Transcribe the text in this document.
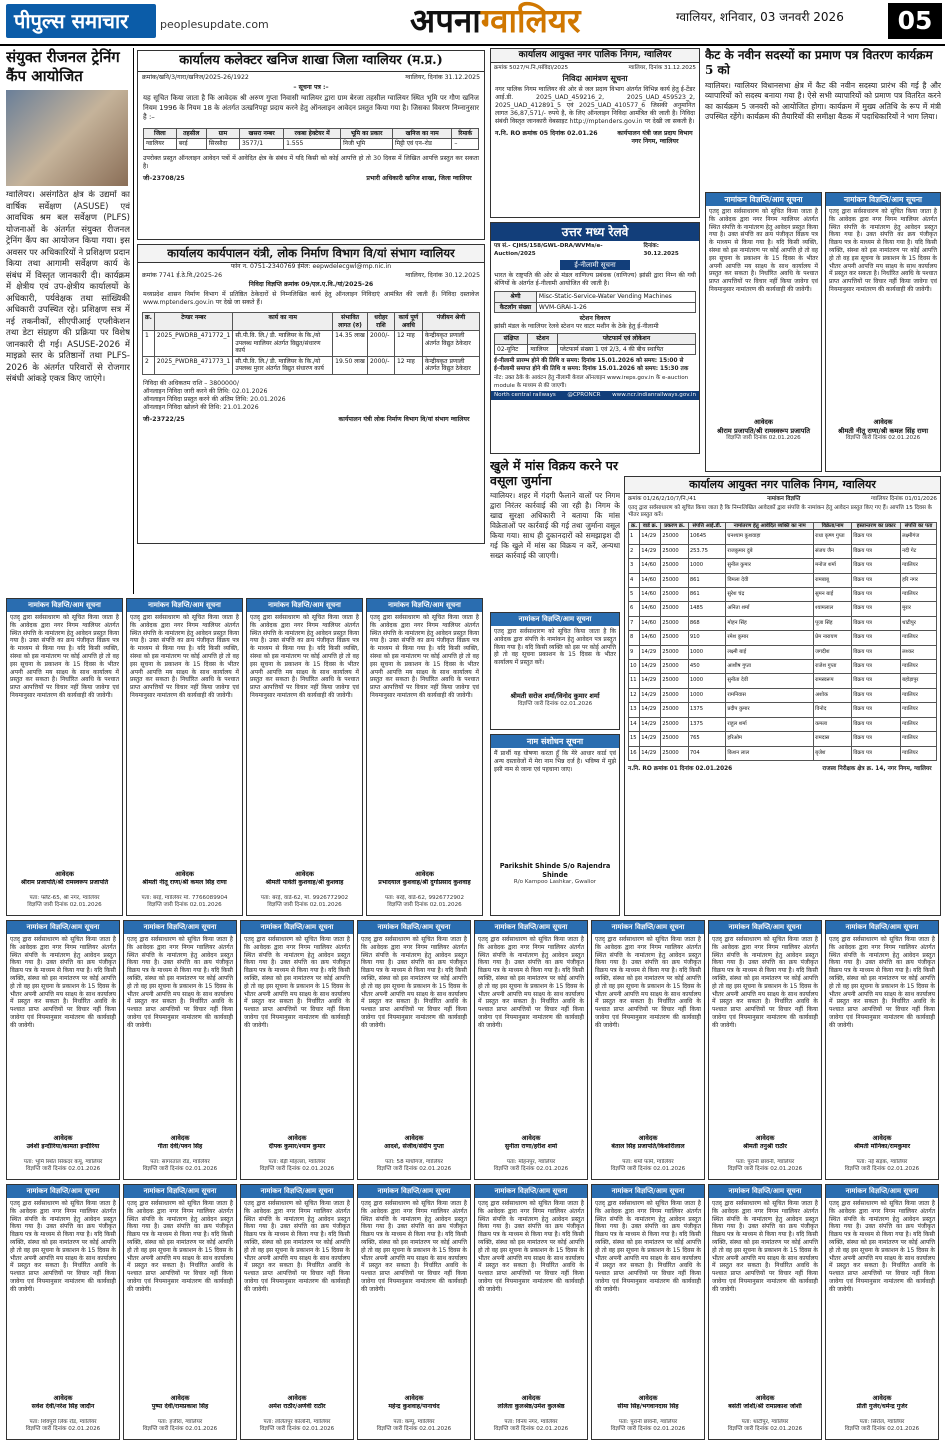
पीपुल्स समाचार	peoplesupdate.com	अपनाग्वालियर	ग्वालियर, शनिवार, 03 जनवरी 2026	05
संयुक्त रीजनल ट्रेनिंग कैंप आयोजित
ग्वालियर। असंगठित क्षेत्र के उद्यमों का वार्षिक सर्वेक्षण (ASUSE) एवं आवधिक श्रम बल सर्वेक्षण (PLFS) योजनाओं के अंतर्गत संयुक्त रीजनल ट्रेनिंग कैंप का आयोजन किया गया। इस अवसर पर अधिकारियों ने प्रशिक्षण प्रदान किया तथा आगामी सर्वेक्षण कार्य के संबंध में विस्तृत जानकारी दी। कार्यक्रम में क्षेत्रीय एवं उप-क्षेत्रीय कार्यालयों के अधिकारी, पर्यवेक्षक तथा सांख्यिकी अधिकारी उपस्थित रहे। प्रशिक्षण सत्र में नई तकनीकों, सीएपीआई एप्लीकेशन तथा डेटा संग्रहण की प्रक्रिया पर विशेष जानकारी दी गई। ASUSE-2026 में माइक्रो स्तर के प्रतिष्ठानों तथा PLFS-2026 के अंतर्गत परिवारों से रोजगार संबंधी आंकड़े एकत्र किए जाएंगे।
कार्यालय कलेक्टर खनिज शाखा जिला ग्वालियर (म.प्र.)
क्रमांक/खनि/3/गारा/खनिज/2025-26/1922	ग्वालियर, दिनांक 31.12.2025
– सूचना पत्र :–
यह सूचित किया जाता है कि आवेदक श्री अरुण गुप्ता निवासी ग्वालियर द्वारा ग्राम बेरजा तहसील ग्वालियर स्थित भूमि पर गौण खनिज नियम 1996 के नियम 18 के अंतर्गत उत्खनिपट्टा प्रदाय करने हेतु ऑनलाइन आवेदन प्रस्तुत किया गया है। जिसका विवरण निम्नानुसार है :–
जिला	तहसील	ग्राम	खसरा नम्बर	रकबा हेक्टेयर में	भूमि का प्रकार	खनिज का नाम	रिमार्क
ग्वालियर	बरई	सिरसौदा	3577/1	1.555	निजी भूमि	मिट्टी एवं एन–रोड	–
उपरोक्त प्रस्तुत ऑनलाइन आवेदन पत्रों में आवेदित क्षेत्र के संबंध में यदि किसी को कोई आपत्ति हो तो 30 दिवस में लिखित आपत्ति प्रस्तुत कर सकता है।
जी–23708/25	प्रभारी अधिकारी खनिज शाखा, जिला ग्वालियर
कार्यालय कार्यपालन यंत्री, लोक निर्माण विभाग वि/यां संभाग ग्वालियर
फोन न. 0751-2340769 ईमेल: eepwdelecgwl@mp.nic.in
क्रमांक 7741 ई.ठे.वि./2025-26	ग्वालियर, दिनांक 30.12.2025
निविदा विज्ञप्ति क्रमांक 09/एल.ए.वि./यां/2025-26
मध्यप्रदेश शासन निर्माण विभाग में प्रतिष्ठित ठेकेदारों से निम्नलिखित कार्य हेतु ऑनलाइन निविदाएं आमंत्रित की जाती हैं। निविदा दस्तावेज www.mptenders.gov.in पर देखे जा सकते हैं।
क्र.	टेण्डर नम्बर	कार्य का नाम	संभावित लागत (रु)	धरोहर राशि	कार्य पूर्ण अवधि	पंजीयन श्रेणी
1	2025_PWDRB_471772_1	सी.पी.वि. लि./ डी. ग्वालियर के कि./यो उपलब्ध ग्वालियर अंतर्गत विद्युत/संधारण कार्य	14.35 लाख	2000/-	12 माह	केन्द्रीयकृत प्रणाली अंतर्गत विद्युत ठेकेदार
2	2025_PWDRB_471773_1	सी.पी.वि. लि./ डी. ग्वालियर के कि./यो उपलब्ध मुरार अंतर्गत विद्युत संधारण कार्य	19.50 लाख	2000/-	12 माह	केन्द्रीयकृत प्रणाली अंतर्गत विद्युत ठेकेदार
निविदा की अधिकतम राशि – 3800000/
ऑनलाइन निविदा जारी करने की तिथि: 02.01.2026
ऑनलाइन निविदा प्रस्तुत करने की अंतिम तिथि: 20.01.2026
ऑनलाइन निविदा खोलने की तिथि: 21.01.2026
जी–23722/25	कार्यपालन यंत्री लोक निर्माण विभाग वि/यां संभाग ग्वालियर
कार्यालय आयुक्त नगर पालिक निगम, ग्वालियर
क्रमांक 5027/भ.नि./संविदा/2025	ग्वालियर, दिनांक 31.12.2025
निविदा आमंत्रण सूचना
नगर पालिक निगम ग्वालियर की ओर से जल प्रदाय विभाग अंतर्गत विभिन्न कार्य हेतु ई-टेंडर आई.डी. 2025_UAD_459216_2, 2025_UAD_459523_2, 2025_UAD_412891_5 एवं 2025_UAD_410577_6 जिसकी अनुमानित लागत 36,87,571/- रुपये है, के लिए ऑनलाइन निविदा आमंत्रित की जाती है। निविदा संबंधी विस्तृत जानकारी वेबसाइट http://mptenders.gov.in पर देखी जा सकती है।
न.नि. RO क्रमांक 05 दिनांक 02.01.26	कार्यपालन यंत्री जल प्रदाय विभाग नगर निगम, ग्वालियर
उत्तर मध्य रेलवे
पत्र सं.- CJHS/158/GWL-DRA/WVMs/e-Auction/2025
दिनांक: 30.12.2025
ई-नीलामी सूचना
भारत के राष्ट्रपति की ओर से मंडल वाणिज्य प्रबंधक (वाणिज्य) झांसी द्वारा निम्न की गयी श्रेणियों के अंतर्गत ई-नीलामी आयोजित की जाती है।
श्रेणी	Misc-Static-Service-Water Vending Machines
कैटलॉग संख्या	WVM-GRAI-1-26
स्टेशन विवरण
झांसी मंडल के ग्वालियर रेलवे स्टेशन पर वाटर मशीन के ठेके हेतु ई-नीलामी
संक्षिप्त	स्टेशन	प्लेटफार्म एवं लोकेशन
02-यूनिट	ग्वालियर	प्लेटफार्म संख्या 1 एवं 2/3, 4 की बीच स्थापित
ई-नीलामी प्रारम्भ होने की तिथि व समय: दिनांक 15.01.2026 को समय: 15:00 से
ई-नीलामी समाप्त होने की तिथि व समय: दिनांक 15.01.2026 को समय: 15:30 तक
नोट: उक्त ठेके के आवंटन हेतु नीलामी केवल ऑनलाइन www.ireps.gov.in के e-auction module के माध्यम से की जाएगी।
North central railways @CPRONCR www.ncr.indianrailways.gov.in
कैट के नवीन सदस्यों का प्रमाण पत्र वितरण कार्यक्रम 5 को
ग्वालियर। ग्वालियर विधानसभा क्षेत्र में कैट की नवीन सदस्या प्रारंभ की गई है और व्यापारियों को सदस्य बनाया गया है। ऐसे सभी व्यापारियों को प्रमाण पत्र वितरित करने का कार्यक्रम 5 जनवरी को आयोजित होगा। कार्यक्रम में मुख्य अतिथि के रूप में मंत्री उपस्थित रहेंगे। कार्यक्रम की तैयारियों की समीक्षा बैठक में पदाधिकारियों ने भाग लिया।
नामांकन विज्ञप्ति/आम सूचना
एतद् द्वारा सर्वसाधारण को सूचित किया जाता है कि आवेदक द्वारा नगर निगम ग्वालियर अंतर्गत स्थित संपत्ति के नामांतरण हेतु आवेदन प्रस्तुत किया गया है। उक्त संपत्ति का क्रय पंजीकृत विक्रय पत्र के माध्यम से किया गया है। यदि किसी व्यक्ति, संस्था को इस नामांतरण पर कोई आपत्ति हो तो वह इस सूचना के प्रकाशन के 15 दिवस के भीतर अपनी आपत्ति मय साक्ष्य के साथ कार्यालय में प्रस्तुत कर सकता है। निर्धारित अवधि के पश्चात प्राप्त आपत्तियों पर विचार नहीं किया जावेगा एवं नियमानुसार नामांतरण की कार्यवाही की जावेगी।
आवेदक
श्रीराम प्रजापति/श्री रामस्वरूप प्रजापति
विज्ञप्ति जारी दिनांक 02.01.2026
नामांकन विज्ञप्ति/आम सूचना
एतद् द्वारा सर्वसाधारण को सूचित किया जाता है कि आवेदक द्वारा नगर निगम ग्वालियर अंतर्गत स्थित संपत्ति के नामांतरण हेतु आवेदन प्रस्तुत किया गया है। उक्त संपत्ति का क्रय पंजीकृत विक्रय पत्र के माध्यम से किया गया है। यदि किसी व्यक्ति, संस्था को इस नामांतरण पर कोई आपत्ति हो तो वह इस सूचना के प्रकाशन के 15 दिवस के भीतर अपनी आपत्ति मय साक्ष्य के साथ कार्यालय में प्रस्तुत कर सकता है। निर्धारित अवधि के पश्चात प्राप्त आपत्तियों पर विचार नहीं किया जावेगा एवं नियमानुसार नामांतरण की कार्यवाही की जावेगी।
आवेदक
श्रीमती नीतू राणा/श्री कमल सिंह राणा
विज्ञप्ति जारी दिनांक 02.01.2026
खुले में मांस विक्रय करने पर वसूला जुर्माना
ग्वालियर। शहर में गंदगी फैलाने वालों पर निगम द्वारा निरंतर कार्रवाई की जा रही है। निगम के खाद्य सुरक्षा अधिकारी ने बताया कि मांस विक्रेताओं पर कार्रवाई की गई तथा जुर्माना वसूल किया गया। साथ ही दुकानदारों को समझाइश दी गई कि खुले में मांस का विक्रय न करें, अन्यथा सख्त कार्रवाई की जाएगी।
नामांकन विज्ञप्ति/आम सूचना
एतद् द्वारा सर्वसाधारण को सूचित किया जाता है कि आवेदक द्वारा संपत्ति के नामांकन हेतु आवेदन पत्र प्रस्तुत किया गया है। यदि किसी व्यक्ति को इस पर कोई आपत्ति हो तो वह सूचना प्रकाशन के 15 दिवस के भीतर कार्यालय में प्रस्तुत करें।
श्रीमती सरोज शर्मा/विनोद कुमार शर्मा
विज्ञप्ति जारी दिनांक 02.01.2026
नाम संशोधन सूचना
मैं प्रार्थी यह घोषणा करता हूँ कि मेरे आधार कार्ड एवं अन्य दस्तावेजों में मेरा नाम भिन्न दर्ज है। भविष्य में मुझे इसी नाम से जाना एवं पहचाना जाए।
Parikshit Shinde S/o Rajendra Shinde
R/o Kampoo Lashkar, Gwalior
कार्यालय आयुक्त नगर पालिक निगम, ग्वालियर
क्रमांक 01/26/2/10/7/नि./41	नामांकन विज्ञप्ति	ग्वालियर दिनांक 01/01/2026
एतद् द्वारा सर्वसाधारण को सूचित किया जाता है कि निम्नलिखित आवेदकों द्वारा संपत्ति के नामांकन हेतु आवेदन प्रस्तुत किए गए हैं। आपत्ति 15 दिवस के भीतर प्रस्तुत करें।
क्र.	वार्ड क्र.	प्रकरण क्र.	संपत्ति आई.डी.	नामांतरण हेतु आवेदित व्यक्ति का नाम	विक्रेता/नाम	हस्तान्तरण का प्रकार	संपत्ति का पता
1	14/29	25000	10645	घनश्याम कुशवाहा	राधा कृष्ण गुप्ता	विक्रय पत्र	लक्ष्मीगंज
2	14/29	25000	253.75	राजकुमार दुबे	संजय जैन	विक्रय पत्र	नदी गेट
3	14/60	25000	1000	सुनील कुमार	मनोज शर्मा	विक्रय पत्र	ग्वालियर
4	14/60	25000	861	विमला देवी	रामबाबू	विक्रय पत्र	हरि नगर
5	14/60	25000	861	सुरेश चंद्र	सुमन बाई	विक्रय पत्र	ग्वालियर
6	14/60	25000	1485	अनिता शर्मा	श्यामलाल	विक्रय पत्र	मुरार
7	14/60	25000	868	मोहन सिंह	पूजा सिंह	विक्रय पत्र	थाटीपुर
8	14/60	25000	910	रमेश कुमार	प्रेम नारायण	विक्रय पत्र	ग्वालियर
9	14/29	25000	1000	लक्ष्मी बाई	जगदीश	विक्रय पत्र	लश्कर
10	14/29	25000	450	आशीष गुप्ता	राजेश गुप्ता	विक्रय पत्र	ग्वालियर
11	14/29	25000	1000	सुनीता देवी	रामस्वरूप	विक्रय पत्र	बहोड़ापुर
12	14/29	25000	1000	रामनिवास	अशोक	विक्रय पत्र	ग्वालियर
13	14/29	25000	1375	प्रदीप कुमार	विनोद	विक्रय पत्र	ग्वालियर
14	14/29	25000	1375	राहुल शर्मा	कमला	विक्रय पत्र	ग्वालियर
15	14/29	25000	765	हरिओम	रामदास	विक्रय पत्र	ग्वालियर
16	14/29	25000	704	किशन लाल	बृजेश	विक्रय पत्र	ग्वालियर
न.नि. RO क्रमांक 01 दिनांक 02.01.2026	राजस्व निरीक्षक क्षेत्र क्र. 14, नगर निगम, ग्वालियर
नामांकन विज्ञप्ति/आम सूचना
एतद् द्वारा सर्वसाधारण को सूचित किया जाता है कि आवेदक द्वारा नगर निगम ग्वालियर अंतर्गत स्थित संपत्ति के नामांतरण हेतु आवेदन प्रस्तुत किया गया है। उक्त संपत्ति का क्रय पंजीकृत विक्रय पत्र के माध्यम से किया गया है। यदि किसी व्यक्ति, संस्था को इस नामांतरण पर कोई आपत्ति हो तो वह इस सूचना के प्रकाशन के 15 दिवस के भीतर अपनी आपत्ति मय साक्ष्य के साथ कार्यालय में प्रस्तुत कर सकता है। निर्धारित अवधि के पश्चात प्राप्त आपत्तियों पर विचार नहीं किया जावेगा एवं नियमानुसार नामांतरण की कार्यवाही की जावेगी।
आवेदक
श्रीराम प्रजापति/श्री रामस्वरूप प्रजापति
पता: फ्लैट-65, श्री नगर, ग्वालियर
विज्ञप्ति जारी दिनांक 02.01.2026
नामांकन विज्ञप्ति/आम सूचना
एतद् द्वारा सर्वसाधारण को सूचित किया जाता है कि आवेदक द्वारा नगर निगम ग्वालियर अंतर्गत स्थित संपत्ति के नामांतरण हेतु आवेदन प्रस्तुत किया गया है। उक्त संपत्ति का क्रय पंजीकृत विक्रय पत्र के माध्यम से किया गया है। यदि किसी व्यक्ति, संस्था को इस नामांतरण पर कोई आपत्ति हो तो वह इस सूचना के प्रकाशन के 15 दिवस के भीतर अपनी आपत्ति मय साक्ष्य के साथ कार्यालय में प्रस्तुत कर सकता है। निर्धारित अवधि के पश्चात प्राप्त आपत्तियों पर विचार नहीं किया जावेगा एवं नियमानुसार नामांतरण की कार्यवाही की जावेगी।
आवेदक
श्रीमती नीतू राणा/श्री कमल सिंह राणा
पता: बरई, ग्वालियर मो. 7766089904
विज्ञप्ति जारी दिनांक 02.01.2026
नामांकन विज्ञप्ति/आम सूचना
एतद् द्वारा सर्वसाधारण को सूचित किया जाता है कि आवेदक द्वारा नगर निगम ग्वालियर अंतर्गत स्थित संपत्ति के नामांतरण हेतु आवेदन प्रस्तुत किया गया है। उक्त संपत्ति का क्रय पंजीकृत विक्रय पत्र के माध्यम से किया गया है। यदि किसी व्यक्ति, संस्था को इस नामांतरण पर कोई आपत्ति हो तो वह इस सूचना के प्रकाशन के 15 दिवस के भीतर अपनी आपत्ति मय साक्ष्य के साथ कार्यालय में प्रस्तुत कर सकता है। निर्धारित अवधि के पश्चात प्राप्त आपत्तियों पर विचार नहीं किया जावेगा एवं नियमानुसार नामांतरण की कार्यवाही की जावेगी।
आवेदक
श्रीमती पार्वती कुशवाह/श्री कुशवाह
पता: बरई, वार्ड-62, मो. 9926772902
विज्ञप्ति जारी दिनांक 02.01.2026
नामांकन विज्ञप्ति/आम सूचना
एतद् द्वारा सर्वसाधारण को सूचित किया जाता है कि आवेदक द्वारा नगर निगम ग्वालियर अंतर्गत स्थित संपत्ति के नामांतरण हेतु आवेदन प्रस्तुत किया गया है। उक्त संपत्ति का क्रय पंजीकृत विक्रय पत्र के माध्यम से किया गया है। यदि किसी व्यक्ति, संस्था को इस नामांतरण पर कोई आपत्ति हो तो वह इस सूचना के प्रकाशन के 15 दिवस के भीतर अपनी आपत्ति मय साक्ष्य के साथ कार्यालय में प्रस्तुत कर सकता है। निर्धारित अवधि के पश्चात प्राप्त आपत्तियों पर विचार नहीं किया जावेगा एवं नियमानुसार नामांतरण की कार्यवाही की जावेगी।
आवेदक
प्रभादयाल कुशवाह/श्री दुर्गाप्रसाद कुशवाह
पता: बरई, वार्ड-62, 9926772902
विज्ञप्ति जारी दिनांक 02.01.2026
नामांकन विज्ञप्ति/आम सूचना
एतद् द्वारा सर्वसाधारण को सूचित किया जाता है कि आवेदक द्वारा नगर निगम ग्वालियर अंतर्गत स्थित संपत्ति के नामांतरण हेतु आवेदन प्रस्तुत किया गया है। उक्त संपत्ति का क्रय पंजीकृत विक्रय पत्र के माध्यम से किया गया है। यदि किसी व्यक्ति, संस्था को इस नामांतरण पर कोई आपत्ति हो तो वह इस सूचना के प्रकाशन के 15 दिवस के भीतर अपनी आपत्ति मय साक्ष्य के साथ कार्यालय में प्रस्तुत कर सकता है। निर्धारित अवधि के पश्चात प्राप्त आपत्तियों पर विचार नहीं किया जावेगा एवं नियमानुसार नामांतरण की कार्यवाही की जावेगी।
आवेदक
उर्वशी इन्दौरिया/कामता इन्दौरिया
पता: भूमि स्थित सिकंदर कंपू, ग्वालियर
विज्ञप्ति जारी दिनांक 02.01.2026
नामांकन विज्ञप्ति/आम सूचना
एतद् द्वारा सर्वसाधारण को सूचित किया जाता है कि आवेदक द्वारा नगर निगम ग्वालियर अंतर्गत स्थित संपत्ति के नामांतरण हेतु आवेदन प्रस्तुत किया गया है। उक्त संपत्ति का क्रय पंजीकृत विक्रय पत्र के माध्यम से किया गया है। यदि किसी व्यक्ति, संस्था को इस नामांतरण पर कोई आपत्ति हो तो वह इस सूचना के प्रकाशन के 15 दिवस के भीतर अपनी आपत्ति मय साक्ष्य के साथ कार्यालय में प्रस्तुत कर सकता है। निर्धारित अवधि के पश्चात प्राप्त आपत्तियों पर विचार नहीं किया जावेगा एवं नियमानुसार नामांतरण की कार्यवाही की जावेगी।
आवेदक
गीता देवी/पवन सिंह
पता: सागरताल रोड, ग्वालियर
विज्ञप्ति जारी दिनांक 02.01.2026
नामांकन विज्ञप्ति/आम सूचना
एतद् द्वारा सर्वसाधारण को सूचित किया जाता है कि आवेदक द्वारा नगर निगम ग्वालियर अंतर्गत स्थित संपत्ति के नामांतरण हेतु आवेदन प्रस्तुत किया गया है। उक्त संपत्ति का क्रय पंजीकृत विक्रय पत्र के माध्यम से किया गया है। यदि किसी व्यक्ति, संस्था को इस नामांतरण पर कोई आपत्ति हो तो वह इस सूचना के प्रकाशन के 15 दिवस के भीतर अपनी आपत्ति मय साक्ष्य के साथ कार्यालय में प्रस्तुत कर सकता है। निर्धारित अवधि के पश्चात प्राप्त आपत्तियों पर विचार नहीं किया जावेगा एवं नियमानुसार नामांतरण की कार्यवाही की जावेगी।
आवेदक
दीपक कुमार/श्याम कुमार
पता: बेड़ी मोहल्ला, ग्वालियर
विज्ञप्ति जारी दिनांक 02.01.2026
नामांकन विज्ञप्ति/आम सूचना
एतद् द्वारा सर्वसाधारण को सूचित किया जाता है कि आवेदक द्वारा नगर निगम ग्वालियर अंतर्गत स्थित संपत्ति के नामांतरण हेतु आवेदन प्रस्तुत किया गया है। उक्त संपत्ति का क्रय पंजीकृत विक्रय पत्र के माध्यम से किया गया है। यदि किसी व्यक्ति, संस्था को इस नामांतरण पर कोई आपत्ति हो तो वह इस सूचना के प्रकाशन के 15 दिवस के भीतर अपनी आपत्ति मय साक्ष्य के साथ कार्यालय में प्रस्तुत कर सकता है। निर्धारित अवधि के पश्चात प्राप्त आपत्तियों पर विचार नहीं किया जावेगा एवं नियमानुसार नामांतरण की कार्यवाही की जावेगी।
आवेदक
आदर्श, संजीव/संदीप गुप्ता
पता: 58 माधौगंज, ग्वालियर
विज्ञप्ति जारी दिनांक 02.01.2026
नामांकन विज्ञप्ति/आम सूचना
एतद् द्वारा सर्वसाधारण को सूचित किया जाता है कि आवेदक द्वारा नगर निगम ग्वालियर अंतर्गत स्थित संपत्ति के नामांतरण हेतु आवेदन प्रस्तुत किया गया है। उक्त संपत्ति का क्रय पंजीकृत विक्रय पत्र के माध्यम से किया गया है। यदि किसी व्यक्ति, संस्था को इस नामांतरण पर कोई आपत्ति हो तो वह इस सूचना के प्रकाशन के 15 दिवस के भीतर अपनी आपत्ति मय साक्ष्य के साथ कार्यालय में प्रस्तुत कर सकता है। निर्धारित अवधि के पश्चात प्राप्त आपत्तियों पर विचार नहीं किया जावेगा एवं नियमानुसार नामांतरण की कार्यवाही की जावेगी।
आवेदक
सुनीता राणा/हरीश शर्मा
पता: मोहनपुर, ग्वालियर
विज्ञप्ति जारी दिनांक 02.01.2026
नामांकन विज्ञप्ति/आम सूचना
एतद् द्वारा सर्वसाधारण को सूचित किया जाता है कि आवेदक द्वारा नगर निगम ग्वालियर अंतर्गत स्थित संपत्ति के नामांतरण हेतु आवेदन प्रस्तुत किया गया है। उक्त संपत्ति का क्रय पंजीकृत विक्रय पत्र के माध्यम से किया गया है। यदि किसी व्यक्ति, संस्था को इस नामांतरण पर कोई आपत्ति हो तो वह इस सूचना के प्रकाशन के 15 दिवस के भीतर अपनी आपत्ति मय साक्ष्य के साथ कार्यालय में प्रस्तुत कर सकता है। निर्धारित अवधि के पश्चात प्राप्त आपत्तियों पर विचार नहीं किया जावेगा एवं नियमानुसार नामांतरण की कार्यवाही की जावेगी।
आवेदक
बेताल सिंह प्रजापति/किशोरीलाल
पता: शर्मा फार्म, ग्वालियर
विज्ञप्ति जारी दिनांक 02.01.2026
नामांकन विज्ञप्ति/आम सूचना
एतद् द्वारा सर्वसाधारण को सूचित किया जाता है कि आवेदक द्वारा नगर निगम ग्वालियर अंतर्गत स्थित संपत्ति के नामांतरण हेतु आवेदन प्रस्तुत किया गया है। उक्त संपत्ति का क्रय पंजीकृत विक्रय पत्र के माध्यम से किया गया है। यदि किसी व्यक्ति, संस्था को इस नामांतरण पर कोई आपत्ति हो तो वह इस सूचना के प्रकाशन के 15 दिवस के भीतर अपनी आपत्ति मय साक्ष्य के साथ कार्यालय में प्रस्तुत कर सकता है। निर्धारित अवधि के पश्चात प्राप्त आपत्तियों पर विचार नहीं किया जावेगा एवं नियमानुसार नामांतरण की कार्यवाही की जावेगी।
आवेदक
श्रीमती तनुश्री राठौर
पता: पुरानी छावनी, ग्वालियर
विज्ञप्ति जारी दिनांक 02.01.2026
नामांकन विज्ञप्ति/आम सूचना
एतद् द्वारा सर्वसाधारण को सूचित किया जाता है कि आवेदक द्वारा नगर निगम ग्वालियर अंतर्गत स्थित संपत्ति के नामांतरण हेतु आवेदन प्रस्तुत किया गया है। उक्त संपत्ति का क्रय पंजीकृत विक्रय पत्र के माध्यम से किया गया है। यदि किसी व्यक्ति, संस्था को इस नामांतरण पर कोई आपत्ति हो तो वह इस सूचना के प्रकाशन के 15 दिवस के भीतर अपनी आपत्ति मय साक्ष्य के साथ कार्यालय में प्रस्तुत कर सकता है। निर्धारित अवधि के पश्चात प्राप्त आपत्तियों पर विचार नहीं किया जावेगा एवं नियमानुसार नामांतरण की कार्यवाही की जावेगी।
आवेदक
श्रीमती मोनिका/रामकुमार
पता: नई सड़क, ग्वालियर
विज्ञप्ति जारी दिनांक 02.01.2026
नामांकन विज्ञप्ति/आम सूचना
एतद् द्वारा सर्वसाधारण को सूचित किया जाता है कि आवेदक द्वारा नगर निगम ग्वालियर अंतर्गत स्थित संपत्ति के नामांतरण हेतु आवेदन प्रस्तुत किया गया है। उक्त संपत्ति का क्रय पंजीकृत विक्रय पत्र के माध्यम से किया गया है। यदि किसी व्यक्ति, संस्था को इस नामांतरण पर कोई आपत्ति हो तो वह इस सूचना के प्रकाशन के 15 दिवस के भीतर अपनी आपत्ति मय साक्ष्य के साथ कार्यालय में प्रस्तुत कर सकता है। निर्धारित अवधि के पश्चात प्राप्त आपत्तियों पर विचार नहीं किया जावेगा एवं नियमानुसार नामांतरण की कार्यवाही की जावेगी।
आवेदक
सर्वेश देवी/नरेश सिंह जादौन
पता: शिवपुरी लिंक रोड, ग्वालियर
विज्ञप्ति जारी दिनांक 02.01.2026
नामांकन विज्ञप्ति/आम सूचना
एतद् द्वारा सर्वसाधारण को सूचित किया जाता है कि आवेदक द्वारा नगर निगम ग्वालियर अंतर्गत स्थित संपत्ति के नामांतरण हेतु आवेदन प्रस्तुत किया गया है। उक्त संपत्ति का क्रय पंजीकृत विक्रय पत्र के माध्यम से किया गया है। यदि किसी व्यक्ति, संस्था को इस नामांतरण पर कोई आपत्ति हो तो वह इस सूचना के प्रकाशन के 15 दिवस के भीतर अपनी आपत्ति मय साक्ष्य के साथ कार्यालय में प्रस्तुत कर सकता है। निर्धारित अवधि के पश्चात प्राप्त आपत्तियों पर विचार नहीं किया जावेगा एवं नियमानुसार नामांतरण की कार्यवाही की जावेगी।
आवेदक
पुष्पा देवी/रामप्रकाश सिंह
पता: हजीरा, ग्वालियर
विज्ञप्ति जारी दिनांक 02.01.2026
नामांकन विज्ञप्ति/आम सूचना
एतद् द्वारा सर्वसाधारण को सूचित किया जाता है कि आवेदक द्वारा नगर निगम ग्वालियर अंतर्गत स्थित संपत्ति के नामांतरण हेतु आवेदन प्रस्तुत किया गया है। उक्त संपत्ति का क्रय पंजीकृत विक्रय पत्र के माध्यम से किया गया है। यदि किसी व्यक्ति, संस्था को इस नामांतरण पर कोई आपत्ति हो तो वह इस सूचना के प्रकाशन के 15 दिवस के भीतर अपनी आपत्ति मय साक्ष्य के साथ कार्यालय में प्रस्तुत कर सकता है। निर्धारित अवधि के पश्चात प्राप्त आपत्तियों पर विचार नहीं किया जावेगा एवं नियमानुसार नामांतरण की कार्यवाही की जावेगी।
आवेदक
अमेश राठौर/अर्णवी राठौर
पता: ललितपुर कॉलोनी, ग्वालियर
विज्ञप्ति जारी दिनांक 02.01.2026
नामांकन विज्ञप्ति/आम सूचना
एतद् द्वारा सर्वसाधारण को सूचित किया जाता है कि आवेदक द्वारा नगर निगम ग्वालियर अंतर्गत स्थित संपत्ति के नामांतरण हेतु आवेदन प्रस्तुत किया गया है। उक्त संपत्ति का क्रय पंजीकृत विक्रय पत्र के माध्यम से किया गया है। यदि किसी व्यक्ति, संस्था को इस नामांतरण पर कोई आपत्ति हो तो वह इस सूचना के प्रकाशन के 15 दिवस के भीतर अपनी आपत्ति मय साक्ष्य के साथ कार्यालय में प्रस्तुत कर सकता है। निर्धारित अवधि के पश्चात प्राप्त आपत्तियों पर विचार नहीं किया जावेगा एवं नियमानुसार नामांतरण की कार्यवाही की जावेगी।
आवेदक
महेन्द्र कुशवाह/पानाचंद
पता: कम्पू, ग्वालियर
विज्ञप्ति जारी दिनांक 02.01.2026
नामांकन विज्ञप्ति/आम सूचना
एतद् द्वारा सर्वसाधारण को सूचित किया जाता है कि आवेदक द्वारा नगर निगम ग्वालियर अंतर्गत स्थित संपत्ति के नामांतरण हेतु आवेदन प्रस्तुत किया गया है। उक्त संपत्ति का क्रय पंजीकृत विक्रय पत्र के माध्यम से किया गया है। यदि किसी व्यक्ति, संस्था को इस नामांतरण पर कोई आपत्ति हो तो वह इस सूचना के प्रकाशन के 15 दिवस के भीतर अपनी आपत्ति मय साक्ष्य के साथ कार्यालय में प्रस्तुत कर सकता है। निर्धारित अवधि के पश्चात प्राप्त आपत्तियों पर विचार नहीं किया जावेगा एवं नियमानुसार नामांतरण की कार्यवाही की जावेगी।
आवेदक
ललिता कुलश्रेष्ठ/उमेश कुलश्रेष्ठ
पता: विनय नगर, ग्वालियर
विज्ञप्ति जारी दिनांक 02.01.2026
नामांकन विज्ञप्ति/आम सूचना
एतद् द्वारा सर्वसाधारण को सूचित किया जाता है कि आवेदक द्वारा नगर निगम ग्वालियर अंतर्गत स्थित संपत्ति के नामांतरण हेतु आवेदन प्रस्तुत किया गया है। उक्त संपत्ति का क्रय पंजीकृत विक्रय पत्र के माध्यम से किया गया है। यदि किसी व्यक्ति, संस्था को इस नामांतरण पर कोई आपत्ति हो तो वह इस सूचना के प्रकाशन के 15 दिवस के भीतर अपनी आपत्ति मय साक्ष्य के साथ कार्यालय में प्रस्तुत कर सकता है। निर्धारित अवधि के पश्चात प्राप्त आपत्तियों पर विचार नहीं किया जावेगा एवं नियमानुसार नामांतरण की कार्यवाही की जावेगी।
आवेदक
सीमा सिंह/भगवानदास सिंह
पता: पुरानी छावनी, ग्वालियर
विज्ञप्ति जारी दिनांक 02.01.2026
नामांकन विज्ञप्ति/आम सूचना
एतद् द्वारा सर्वसाधारण को सूचित किया जाता है कि आवेदक द्वारा नगर निगम ग्वालियर अंतर्गत स्थित संपत्ति के नामांतरण हेतु आवेदन प्रस्तुत किया गया है। उक्त संपत्ति का क्रय पंजीकृत विक्रय पत्र के माध्यम से किया गया है। यदि किसी व्यक्ति, संस्था को इस नामांतरण पर कोई आपत्ति हो तो वह इस सूचना के प्रकाशन के 15 दिवस के भीतर अपनी आपत्ति मय साक्ष्य के साथ कार्यालय में प्रस्तुत कर सकता है। निर्धारित अवधि के पश्चात प्राप्त आपत्तियों पर विचार नहीं किया जावेगा एवं नियमानुसार नामांतरण की कार्यवाही की जावेगी।
आवेदक
बसंती जोशी/श्री रामप्रकाश जोशी
पता: थाटीपुर, ग्वालियर
विज्ञप्ति जारी दिनांक 02.01.2026
नामांकन विज्ञप्ति/आम सूचना
एतद् द्वारा सर्वसाधारण को सूचित किया जाता है कि आवेदक द्वारा नगर निगम ग्वालियर अंतर्गत स्थित संपत्ति के नामांतरण हेतु आवेदन प्रस्तुत किया गया है। उक्त संपत्ति का क्रय पंजीकृत विक्रय पत्र के माध्यम से किया गया है। यदि किसी व्यक्ति, संस्था को इस नामांतरण पर कोई आपत्ति हो तो वह इस सूचना के प्रकाशन के 15 दिवस के भीतर अपनी आपत्ति मय साक्ष्य के साथ कार्यालय में प्रस्तुत कर सकता है। निर्धारित अवधि के पश्चात प्राप्त आपत्तियों पर विचार नहीं किया जावेगा एवं नियमानुसार नामांतरण की कार्यवाही की जावेगी।
आवेदक
प्रीती गुर्जर/धर्मेन्द्र गुर्जर
पता: सिरोल, ग्वालियर
विज्ञप्ति जारी दिनांक 02.01.2026
